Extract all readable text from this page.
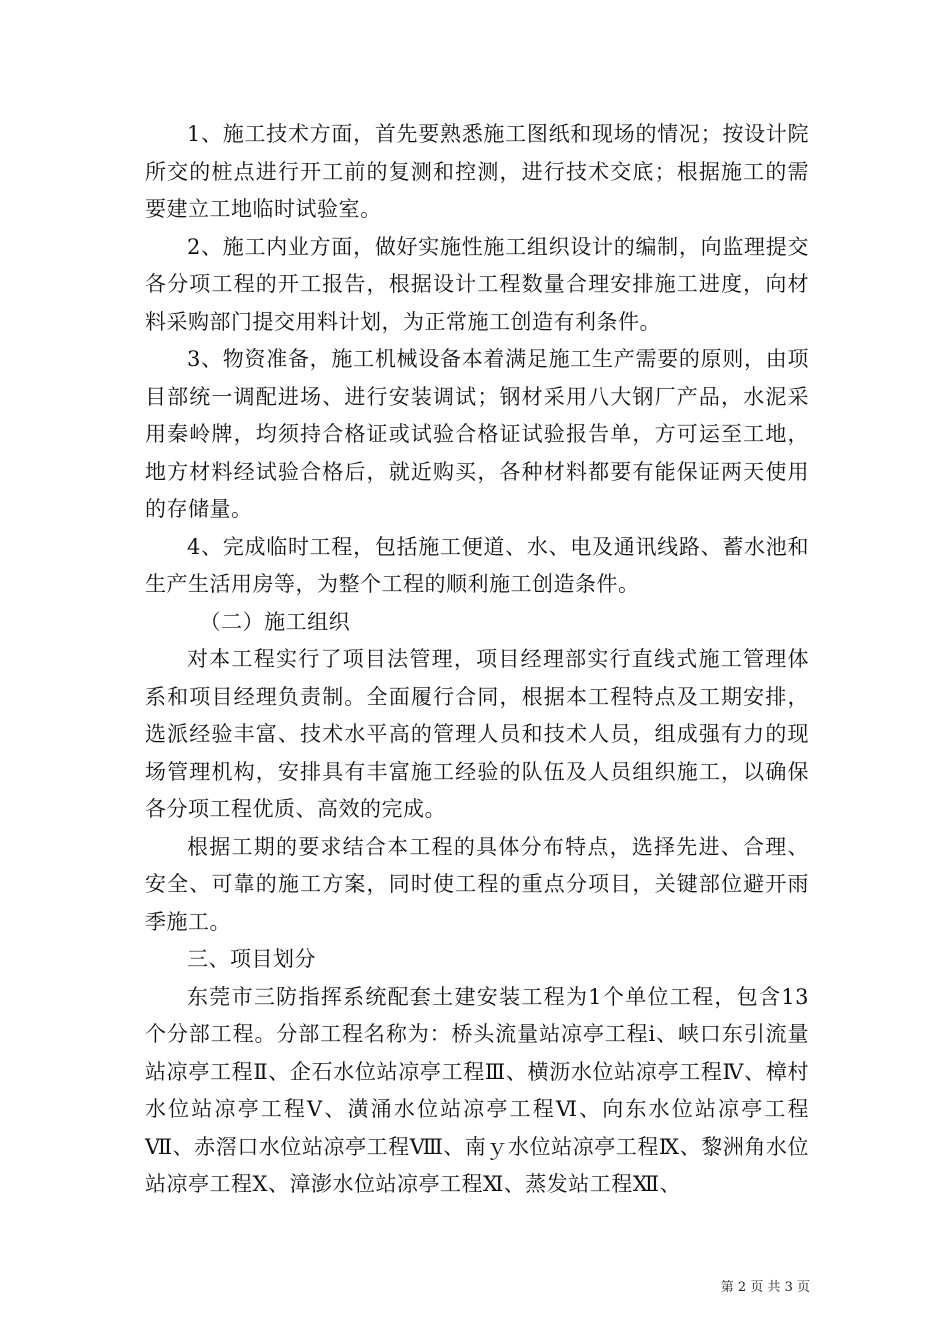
1、施工技术方面，首先要熟悉施工图纸和现场的情况；按设计院所交的桩点进行开工前的复测和控测，进行技术交底；根据施工的需要建立工地临时试验室。

2、施工内业方面，做好实施性施工组织设计的编制，向监理提交各分项工程的开工报告，根据设计工程数量合理安排施工进度，向材料采购部门提交用料计划，为正常施工创造有利条件。

3、物资准备，施工机械设备本着满足施工生产需要的原则，由项目部统一调配进场、进行安装调试；钢材采用八大钢厂产品，水泥采用秦岭牌，均须持合格证或试验合格证试验报告单，方可运至工地，地方材料经试验合格后，就近购买，各种材料都要有能保证两天使用的存储量。

4、完成临时工程，包括施工便道、水、电及通讯线路、蓄水池和生产生活用房等，为整个工程的顺利施工创造条件。

（二）施工组织

对本工程实行了项目法管理，项目经理部实行直线式施工管理体系和项目经理负责制。全面履行合同，根据本工程特点及工期安排，选派经验丰富、技术水平高的管理人员和技术人员，组成强有力的现场管理机构，安排具有丰富施工经验的队伍及人员组织施工，以确保各分项工程优质、高效的完成。

根据工期的要求结合本工程的具体分布特点，选择先进、合理、安全、可靠的施工方案，同时使工程的重点分项目，关键部位避开雨季施工。

三、项目划分

东莞市三防指挥系统配套土建安装工程为1个单位工程，包含13个分部工程。分部工程名称为：桥头流量站凉亭工程ⅰ、峡口东引流量站凉亭工程Ⅱ、企石水位站凉亭工程Ⅲ、横沥水位站凉亭工程Ⅳ、樟村水位站凉亭工程Ⅴ、潢涌水位站凉亭工程Ⅵ、向东水位站凉亭工程Ⅶ、赤滘口水位站凉亭工程Ⅷ、南ｙ水位站凉亭工程Ⅸ、黎洲角水位站凉亭工程Ⅹ、漳澎水位站凉亭工程Ⅺ、蒸发站工程Ⅻ、

第 2 页 共 3 页
